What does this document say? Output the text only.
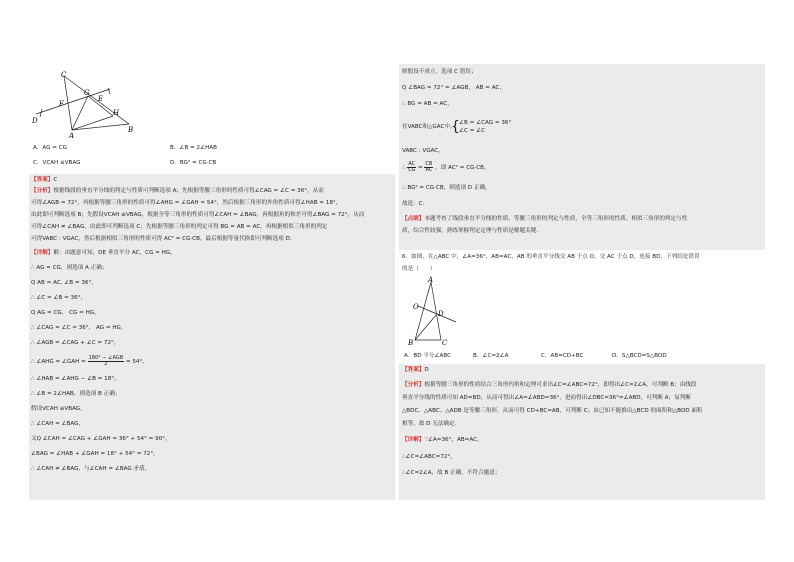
C
G
E
F
D
H
A
B
A．AG = CG	B．∠B = 2∠HAB
C．VCAH ≌VBAG	D．BG² = CG·CB
【答案】C
【分析】根据线段的垂直平分线的判定与性质可判断选项 A；先根据等腰三角形的性质可得∠CAG = ∠C = 36°，从而
可得∠AGB = 72°，再根据等腰三角形的性质可得∠AHG = ∠GAH = 54°，然后根据三角形的外角性质可得∠HAB = 18°，
由此即可判断选项 B；先假设VCAH ≌VBAG，根据全等三角形的性质可得∠CAH = ∠BAG，再根据角的和差可得∠BAG = 72°，从而
可得∠CAH ≠ ∠BAG，由此即可判断选项 C；先根据等腰三角形的判定可得 BG = AB = AC，再根据相似三角形的判定
可得VABC : VGAC，然后根据相似三角形的性质可得 AC² = CG·CB，最后根据等量代换即可判断选项 D.
【详解】解：由题意可知，DE 垂直平分 AC，CG = HG，
∴ AG = CG，则选项 A 正确；
Q AB = AC, ∠B = 36°，
∴ ∠C = ∠B = 36°，
Q AG = CG， CG = HG，
∴ ∠CAG = ∠C = 36°， AG = HG，
∴ ∠AGB = ∠CAG + ∠C = 72°，
∴ ∠AHG = ∠GAH = $\frac{\text{180° − ∠AGB}}{2} = 54^\circ$，
∴ ∠HAB = ∠AHG − ∠B = 18°，
∴ ∠B = 2∠HAB，则选项 B 正确；
假设VCAH ≌VBAG，
∴ ∠CAH = ∠BAG，
又Q ∠CAH = ∠CAG + ∠GAH = 36° + 54° = 90°，
∠BAG = ∠HAB + ∠GAH = 18° + 54° = 72°，
∴ ∠CAH ≠ ∠BAG，与∠CAH = ∠BAG 矛盾，
则假设不成立，选项 C 错误；
Q ∠BAG = 72° = ∠AGB， AB = AC，
∴ BG = AB = AC，
在VABC和△GAC中，
{ ∠B = ∠CAG = 36°
∠C = ∠C
VABC : VGAC，
∴ $\frac{AC}{CG} = \frac{CB}{AC}$ ，即 AC² = CG·CB，
∴ BG² = CG·CB，则选项 D 正确，
故选：C.
【点睛】本题考查了线段垂直平分线的性质、等腰三角形的判定与性质、全等三角形的性质、相似三角形的判定与性
质，综合性较强，熟练掌握判定定理与性质是解题关键.
6．如图，在△ABC 中，∠A=36°，AB=AC，AB 的垂直平分线交 AB 于点 O，交 AC 于点 D，连接 BD，下列结论错误
的是（　　）
A
O
D
B	C
A．BD 平分∠ABC	B．∠C=2∠A	C．AB=CD+BC	D．S△BCD=S△BOD
【答案】D
【分析】根据等腰三角形的性质结合三角形内角和定理可求出∠C=∠ABC=72°，即得出∠C=2∠A，可判断 B；由线段
垂直平分线的性质可知 AD=BD，从而可得出∠A=∠ABD=36°，进而得出∠DBC=36°=∠ABD，可判断 A；易判断
△BDC、△ABC、△ADB 是等腰三角形，从而可得 CD+BC=AB，可判断 C；由已知不能推出△BCD 的面积和△BOD 面积
相等，故 D 无法确定.
【详解】∵∠A=36°，AB=AC，
∴∠C=∠ABC=72°，
∴∠C=2∠A，故 B 正确，不符合题意；
